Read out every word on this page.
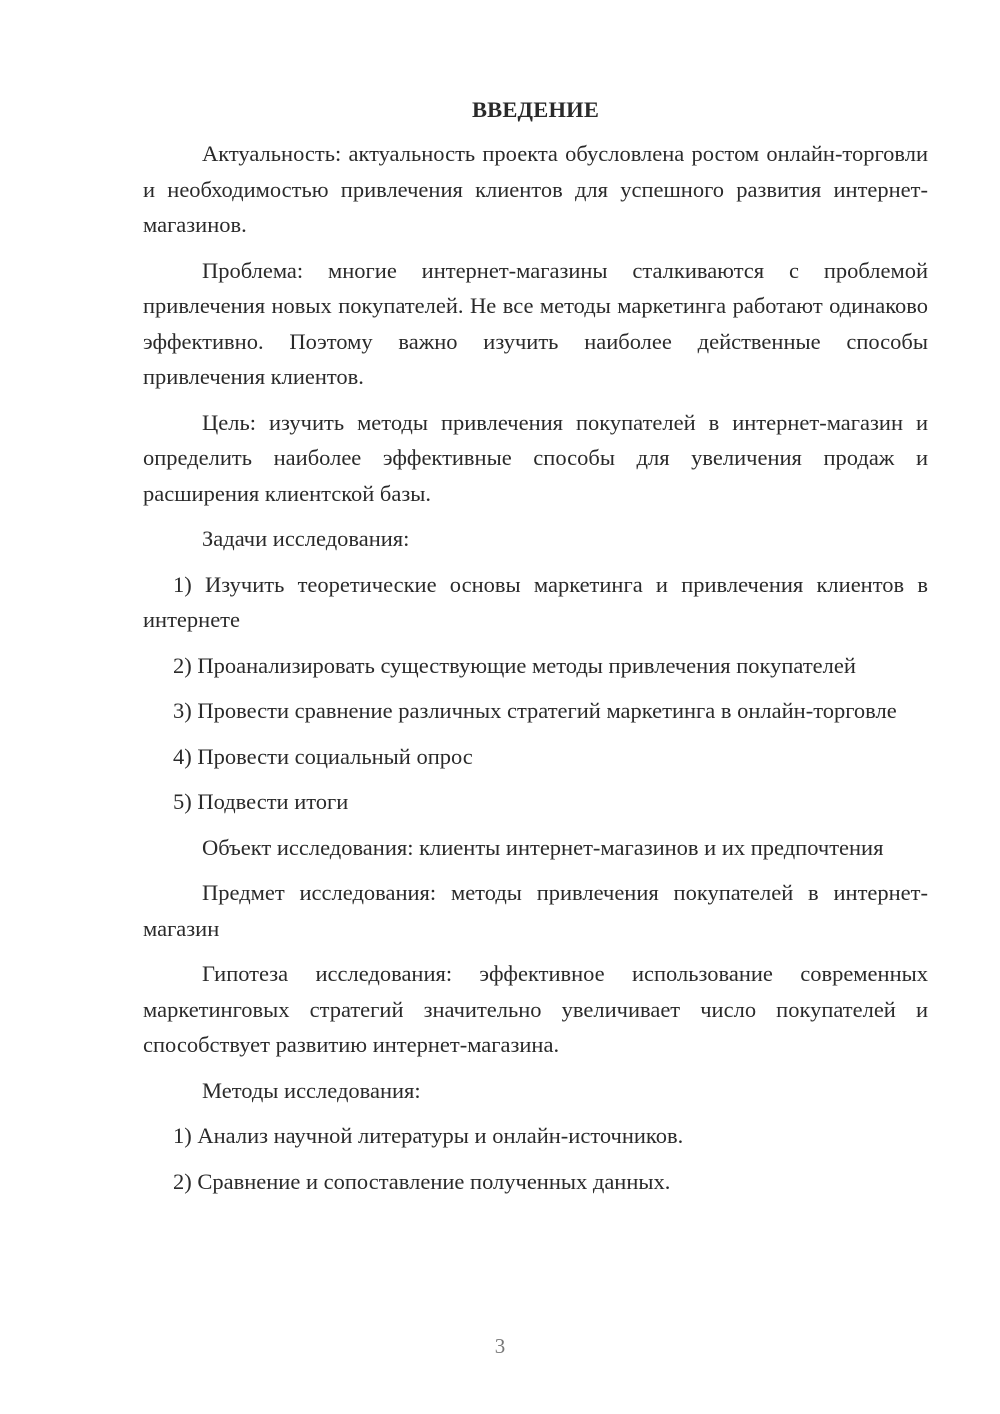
ВВЕДЕНИЕ

Актуальность: актуальность проекта обусловлена ростом онлайн-торговли и необходимостью привлечения клиентов для успешного развития интернет-магазинов.

Проблема: многие интернет-магазины сталкиваются с проблемой привлечения новых покупателей. Не все методы маркетинга работают одинаково эффективно. Поэтому важно изучить наиболее действенные способы привлечения клиентов.

Цель: изучить методы привлечения покупателей в интернет-магазин и определить наиболее эффективные способы для увеличения продаж и расширения клиентской базы.

Задачи исследования:

1) Изучить теоретические основы маркетинга и привлечения клиентов в интернете

2) Проанализировать существующие методы привлечения покупателей

3) Провести сравнение различных стратегий маркетинга в онлайн-торговле

4) Провести социальный опрос

5) Подвести итоги

Объект исследования: клиенты интернет-магазинов и их предпочтения

Предмет исследования: методы привлечения покупателей в интернет-магазин

Гипотеза исследования: эффективное использование современных маркетинговых стратегий значительно увеличивает число покупателей и способствует развитию интернет-магазина.

Методы исследования:

1) Анализ научной литературы и онлайн-источников.

2) Сравнение и сопоставление полученных данных.

3
